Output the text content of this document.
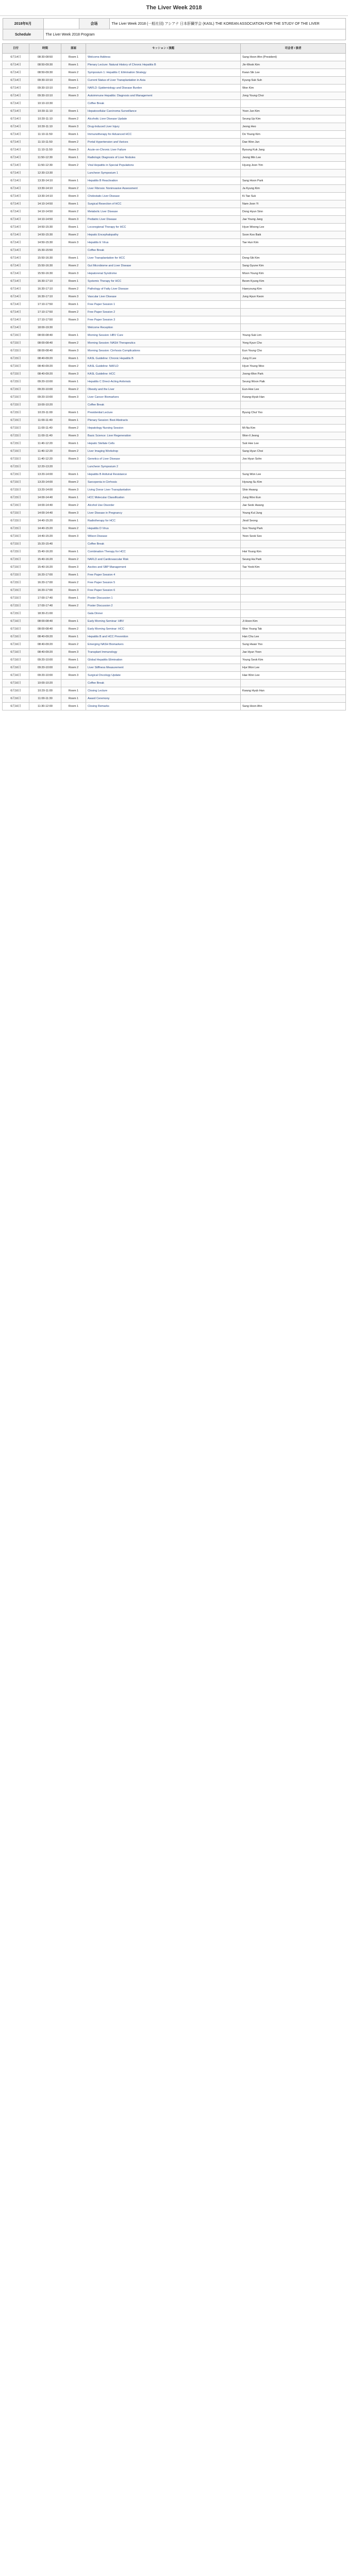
The Liver Week 2018
2018年6月		会场	The Liver Week 2018 (一般社団) アシアナ 日本肝臓学会 (KASL) THE KOREAN ASSOCIATION FOR THE STUDY OF THE LIVER
Schedule	The Liver Week 2018 Program		
日付	時間	部屋	セッション / 演題	司会者 / 演者
6月14日	08:30-08:50	Room 1	Welcome Address	Sang Hoon Ahn (President)
6月14日	08:50-09:30	Room 1	Plenary Lecture: Natural History of Chronic Hepatitis B	Jin-Wook Kim
6月14日	08:50-09:30	Room 2	Symposium 1: Hepatitis C Elimination Strategy	Kwan Sik Lee
6月14日	09:30-10:10	Room 1	Current Status of Liver Transplantation in Asia	Kyung-Suk Suh
6月14日	09:30-10:10	Room 2	NAFLD: Epidemiology and Disease Burden	Won Kim
6月14日	09:30-10:10	Room 3	Autoimmune Hepatitis: Diagnosis and Management	Jong Young Choi
6月14日	10:10-10:30		Coffee Break	
6月14日	10:30-11:10	Room 1	Hepatocellular Carcinoma Surveillance	Yoon Jun Kim
6月14日	10:30-11:10	Room 2	Alcoholic Liver Disease Update	Seung Up Kim
6月14日	10:30-11:10	Room 3	Drug-Induced Liver Injury	Jeong Heo
6月14日	11:10-11:50	Room 1	Immunotherapy for Advanced HCC	Do Young Kim
6月14日	11:10-11:50	Room 2	Portal Hypertension and Varices	Dae Won Jun
6月14日	11:10-11:50	Room 3	Acute-on-Chronic Liver Failure	Byoung Kuk Jang
6月14日	11:50-12:30	Room 1	Radiologic Diagnosis of Liver Nodules	Jeong Min Lee
6月14日	11:50-12:30	Room 2	Viral Hepatitis in Special Populations	Hyung Joon Yim
6月14日	12:30-13:30		Luncheon Symposium 1	
6月14日	13:30-14:10	Room 1	Hepatitis B Reactivation	Sang Hoon Park
6月14日	13:30-14:10	Room 2	Liver Fibrosis: Noninvasive Assessment	Ja Kyung Kim
6月14日	13:30-14:10	Room 3	Cholestatic Liver Disease	Ki Tae Suk
6月14日	14:10-14:50	Room 1	Surgical Resection of HCC	Nam-Joon Yi
6月14日	14:10-14:50	Room 2	Metabolic Liver Disease	Dong Hyun Sinn
6月14日	14:10-14:50	Room 3	Pediatric Liver Disease	Jae Young Jang
6月14日	14:50-15:30	Room 1	Locoregional Therapy for HCC	Hyun Woong Lee
6月14日	14:50-15:30	Room 2	Hepatic Encephalopathy	Soon Koo Baik
6月14日	14:50-15:30	Room 3	Hepatitis E Virus	Tae Hun Kim
6月14日	15:30-15:50		Coffee Break	
6月14日	15:50-16:30	Room 1	Liver Transplantation for HCC	Dong-Sik Kim
6月14日	15:50-16:30	Room 2	Gut Microbiome and Liver Disease	Sang Gyune Kim
6月14日	15:50-16:30	Room 3	Hepatorenal Syndrome	Moon Young Kim
6月14日	16:30-17:10	Room 1	Systemic Therapy for HCC	Beom Kyung Kim
6月14日	16:30-17:10	Room 2	Pathology of Fatty Liver Disease	Haeryoung Kim
6月14日	16:30-17:10	Room 3	Vascular Liver Disease	Jung Hyun Kwon
6月14日	17:10-17:50	Room 1	Free Paper Session 1	
6月14日	17:10-17:50	Room 2	Free Paper Session 2	
6月14日	17:10-17:50	Room 3	Free Paper Session 3	
6月14日	18:00-19:30		Welcome Reception	
6月15日	08:00-08:40	Room 1	Morning Session: HBV Cure	Young-Suk Lim
6月15日	08:00-08:40	Room 2	Morning Session: NASH Therapeutics	Yong Kyun Cho
6月15日	08:00-08:40	Room 3	Morning Session: Cirrhosis Complications	Eun Young Cho
6月15日	08:40-09:20	Room 1	KASL Guideline: Chronic Hepatitis B	Jung Il Lee
6月15日	08:40-09:20	Room 2	KASL Guideline: NAFLD	Hyun Young Woo
6月15日	08:40-09:20	Room 3	KASL Guideline: HCC	Joong-Won Park
6月15日	09:20-10:00	Room 1	Hepatitis C Direct-Acting Antivirals	Seung Woon Paik
6月15日	09:20-10:00	Room 2	Obesity and the Liver	Eun-Hee Lee
6月15日	09:20-10:00	Room 3	Liver Cancer Biomarkers	Kwang-Hyub Han
6月15日	10:00-10:20		Coffee Break	
6月15日	10:20-11:00	Room 1	Presidential Lecture	Byung Chul Yoo
6月15日	11:00-11:40	Room 1	Plenary Session: Best Abstracts	
6月15日	11:00-11:40	Room 2	Hepatology Nursing Session	Mi Na Kim
6月15日	11:00-11:40	Room 3	Basic Science: Liver Regeneration	Won-Il Jeong
6月15日	11:40-12:20	Room 1	Hepatic Stellate Cells	Suk Hee Lee
6月15日	11:40-12:20	Room 2	Liver Imaging Workshop	Sang Hyun Choi
6月15日	11:40-12:20	Room 3	Genetics of Liver Disease	Joo Hyun Sohn
6月15日	12:20-13:20		Luncheon Symposium 2	
6月15日	13:20-14:00	Room 1	Hepatitis B Antiviral Resistance	Sung Won Lee
6月15日	13:20-14:00	Room 2	Sarcopenia in Cirrhosis	Hyoung Su Kim
6月15日	13:20-14:00	Room 3	Living Donor Liver Transplantation	Shin Hwang
6月15日	14:00-14:40	Room 1	HCC Molecular Classification	Jung Woo Eun
6月15日	14:00-14:40	Room 2	Alcohol Use Disorder	Jae Seok Hwang
6月15日	14:00-14:40	Room 3	Liver Disease in Pregnancy	Young Kul Jung
6月15日	14:40-15:20	Room 1	Radiotherapy for HCC	Jinsil Seong
6月15日	14:40-15:20	Room 2	Hepatitis D Virus	Soo Young Park
6月15日	14:40-15:20	Room 3	Wilson Disease	Yeon Seok Seo
6月15日	15:20-15:40		Coffee Break	
6月15日	15:40-16:20	Room 1	Combination Therapy for HCC	Hwi Young Kim
6月15日	15:40-16:20	Room 2	NAFLD and Cardiovascular Risk	Seung Ha Park
6月15日	15:40-16:20	Room 3	Ascites and SBP Management	Tae Yeob Kim
6月15日	16:20-17:00	Room 1	Free Paper Session 4	
6月15日	16:20-17:00	Room 2	Free Paper Session 5	
6月15日	16:20-17:00	Room 3	Free Paper Session 6	
6月15日	17:00-17:40	Room 1	Poster Discussion 1	
6月15日	17:00-17:40	Room 2	Poster Discussion 2	
6月15日	18:30-21:00		Gala Dinner	
6月16日	08:00-08:40	Room 1	Early Morning Seminar: HBV	Ji Hoon Kim
6月16日	08:00-08:40	Room 2	Early Morning Seminar: HCC	Won Young Tak
6月16日	08:40-09:20	Room 1	Hepatitis B and HCC Prevention	Han Chu Lee
6月16日	08:40-09:20	Room 2	Emerging NASH Biomarkers	Sung Hwan Yoo
6月16日	08:40-09:20	Room 3	Transplant Immunology	Jae Hyun Yoon
6月16日	09:20-10:00	Room 1	Global Hepatitis Elimination	Young Seok Kim
6月16日	09:20-10:00	Room 2	Liver Stiffness Measurement	Hye Won Lee
6月16日	09:20-10:00	Room 3	Surgical Oncology Update	Hae Won Lee
6月16日	10:00-10:20		Coffee Break	
6月16日	10:20-11:00	Room 1	Closing Lecture	Kwang Hyub Han
6月16日	11:00-11:30	Room 1	Award Ceremony	
6月16日	11:30-12:00	Room 1	Closing Remarks	Sang Hoon Ahn
